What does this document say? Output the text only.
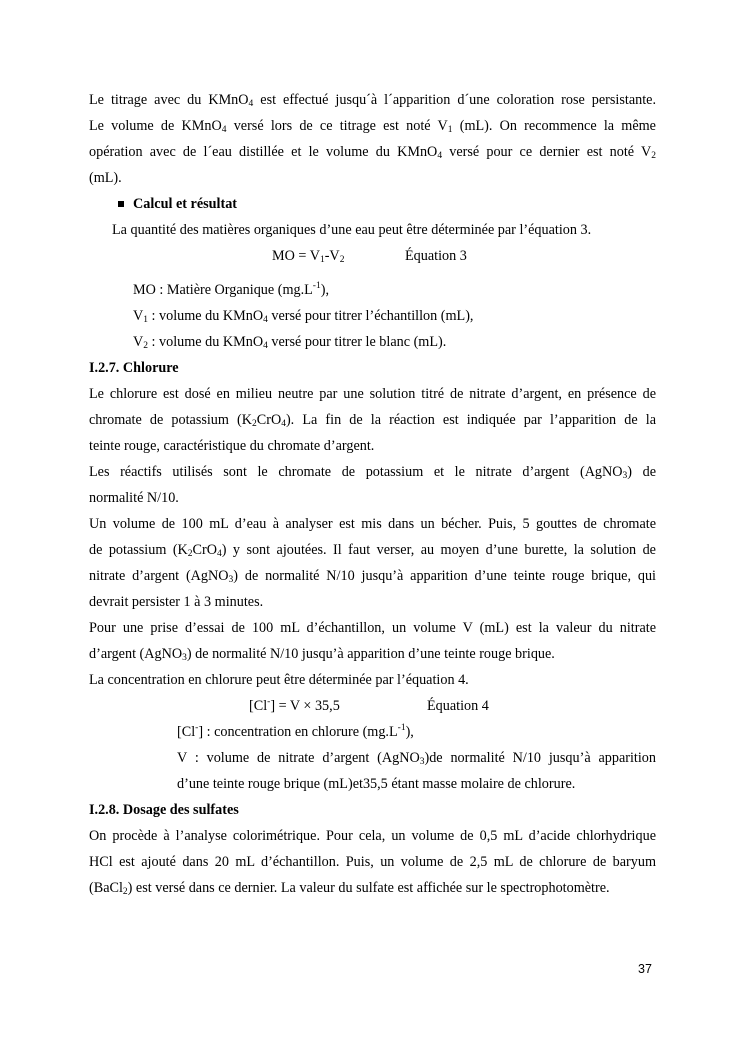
Le titrage avec du KMnO$_4$ est effectué jusqu´à l´apparition d´une coloration rose persistante.

Le volume de KMnO$_4$ versé lors de ce titrage est noté $V_1$ (mL). On recommence la même

opération avec de l´eau distillée et le volume du KMnO$_4$ versé pour ce dernier est noté $V_2$

(mL).

Calcul et résultat

La quantité des matières organiques d’une eau peut être déterminée par l’équation 3.

MO = $V_1-V_2$	Équation 3

MO : Matière Organique $(mg.L^{-1})$,

$V_1$ : volume du KMnO$_4$ versé pour titrer l’échantillon (mL),

$V_2$ : volume du KMnO$_4$ versé pour titrer le blanc (mL).

I.2.7. Chlorure

Le chlorure est dosé en milieu neutre par une solution titré de nitrate d’argent, en présence de

chromate de potassium $(K_2CrO_4)$. La fin de la réaction est indiquée par l’apparition de la

teinte rouge, caractéristique du chromate d’argent.

Les réactifs utilisés sont le chromate de potassium et le nitrate d’argent (AgNO$_3$) de

normalité N/10.

Un volume de 100 mL d’eau à analyser est mis dans un bécher. Puis, 5 gouttes de chromate

de potassium $(K_2CrO_4)$ y sont ajoutées. Il faut verser, au moyen d’une burette, la solution de

nitrate d’argent (AgNO$_3$) de normalité N/10 jusqu’à apparition d’une teinte rouge brique, qui

devrait persister 1 à 3 minutes.

Pour une prise d’essai de 100 mL d’échantillon, un volume V (mL) est la valeur du nitrate

d’argent (AgNO$_3$) de normalité N/10 jusqu’à apparition d’une teinte rouge brique.

La concentration en chlorure peut être déterminée par l’équation 4.

[Cl-] = V × 35,5	Équation 4

[Cl-] : concentration en chlorure $(mg.L^{-1})$,

V : volume de nitrate d’argent (AgNO$_3$)de normalité N/10 jusqu’à apparition

d’une teinte rouge brique (mL)et35,5 étant masse molaire de chlorure.

I.2.8. Dosage des sulfates

On procède à l’analyse colorimétrique. Pour cela, un volume de 0,5 mL d’acide chlorhydrique

HCl est ajouté dans 20 mL d’échantillon. Puis, un volume de 2,5 mL de chlorure de baryum

(BaCl$_2$) est versé dans ce dernier. La valeur du sulfate est affichée sur le spectrophotomètre.

37
